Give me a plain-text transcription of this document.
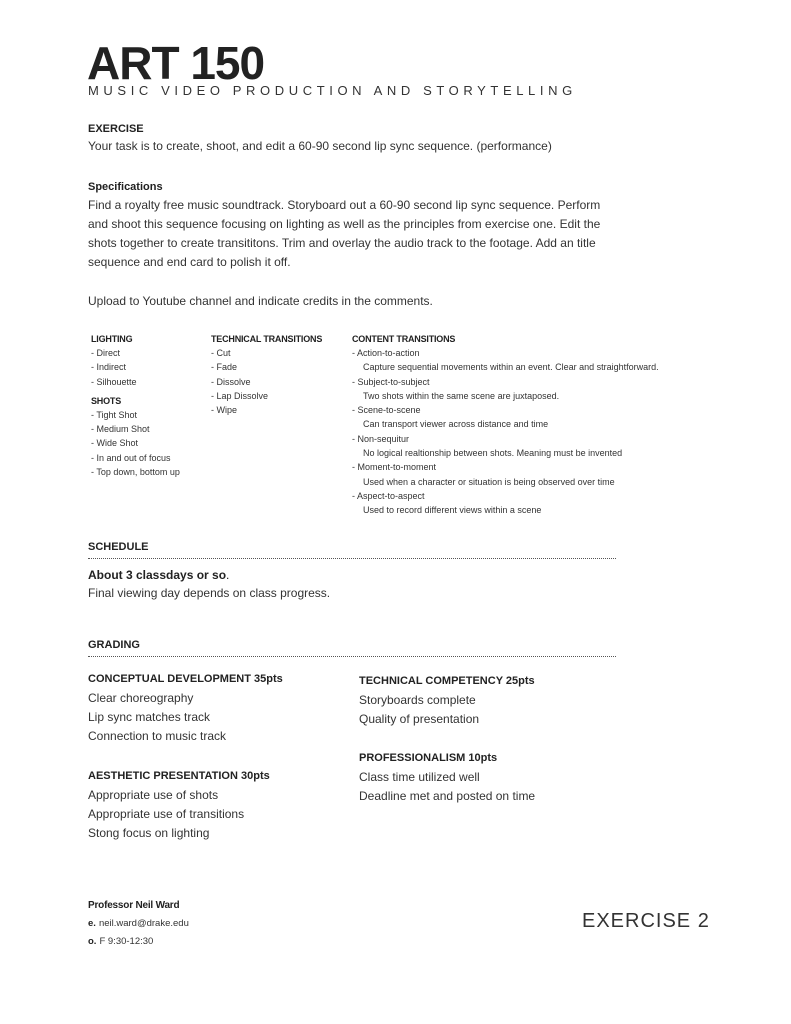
ART 150
MUSIC VIDEO PRODUCTION AND STORYTELLING
EXERCISE
Your task is to create, shoot, and edit a 60-90 second lip sync sequence. (performance)
Specifications
Find a royalty free music soundtrack. Storyboard out a 60-90 second lip sync sequence. Perform and shoot this sequence focusing on lighting as well as the principles from exercise one. Edit the shots together to create transititons. Trim and overlay the audio track to the footage. Add an title sequence and end card to polish it off.
Upload to Youtube channel and indicate credits in the comments.
LIGHTING
- Direct
- Indirect
- Silhouette
SHOTS
- Tight Shot
- Medium Shot
- Wide Shot
- In and out of focus
- Top down, bottom up
TECHNICAL TRANSITIONS
- Cut
- Fade
- Dissolve
- Lap Dissolve
- Wipe
CONTENT TRANSITIONS
- Action-to-action
Capture sequential movements within an event. Clear and straightforward.
- Subject-to-subject
Two shots within the same scene are juxtaposed.
- Scene-to-scene
Can transport viewer across distance and time
- Non-sequitur
No logical realtionship between shots. Meaning must be invented
- Moment-to-moment
Used when a character or situation is being observed over time
- Aspect-to-aspect
Used to record different views within a scene
SCHEDULE
About 3 classdays or so.
Final viewing day depends on class progress.
GRADING
CONCEPTUAL DEVELOPMENT 35pts
Clear choreography
Lip sync matches track
Connection to music track
AESTHETIC PRESENTATION 30pts
Appropriate use of shots
Appropriate use of transitions
Stong focus on lighting
TECHNICAL COMPETENCY 25pts
Storyboards complete
Quality of presentation
PROFESSIONALISM 10pts
Class time utilized well
Deadline met and posted on time
Professor Neil Ward
e. neil.ward@drake.edu
o. F 9:30-12:30
EXERCISE 2
